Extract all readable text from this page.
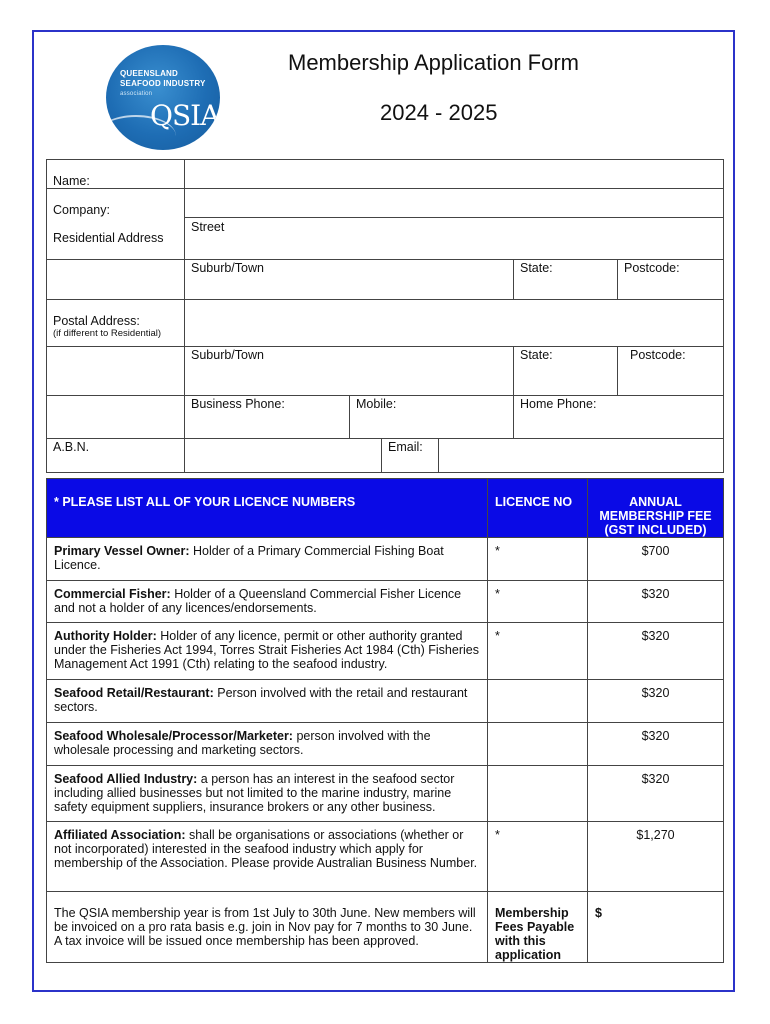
QUEENSLAND
SEAFOOD INDUSTRY
association
QSIA
Membership Application Form
2024 - 2025
Name:						
Company:						
Residential Address	Street					
	Suburb/Town				State:	Postcode:

Postal Address:
(if different to Residential)						

	Suburb/Town				State:	Postcode:
	Business Phone:	Mobile:			Home Phone:	
A.B.N.			Email:			
* PLEASE LIST ALL OF YOUR LICENCE NUMBERS	LICENCE NO	ANNUAL MEMBERSHIP FEE (GST INCLUDED)
Primary Vessel Owner: Holder of a Primary Commercial Fishing Boat Licence.	*	$700
Commercial Fisher: Holder of a Queensland Commercial Fisher Licence and not a holder of any licences/endorsements.	*	$320
Authority Holder: Holder of any licence, permit or other authority granted under the Fisheries Act 1994, Torres Strait Fisheries Act 1984 (Cth) Fisheries Management Act 1991 (Cth) relating to the seafood industry.	*	$320
Seafood Retail/Restaurant: Person involved with the retail and restaurant sectors.		$320
Seafood Wholesale/Processor/Marketer: person involved with the wholesale processing and marketing sectors.		$320
Seafood Allied Industry: a person has an interest in the seafood sector including allied businesses but not limited to the marine industry, marine safety equipment suppliers, insurance brokers or any other business.		$320
Affiliated Association: shall be organisations or associations (whether or not incorporated) interested in the seafood industry which apply for membership of the Association. Please provide Australian Business Number.	*	$1,270
The QSIA membership year is from 1st July to 30th June. New members will be invoiced on a pro rata basis e.g. join in Nov pay for 7 months to 30 June. A tax invoice will be issued once membership has been approved.	Membership Fees Payable with this application	$
